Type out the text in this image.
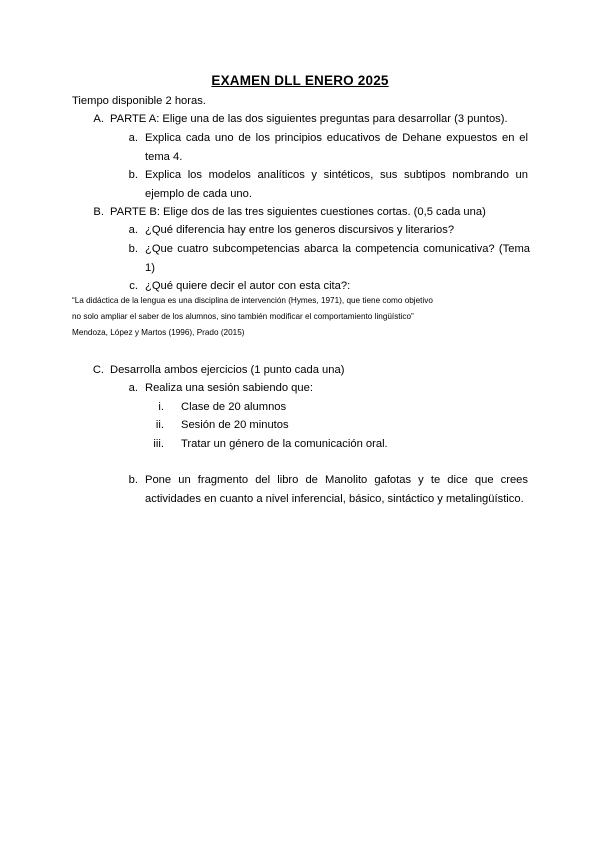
EXAMEN DLL ENERO 2025
Tiempo disponible 2 horas.
A. PARTE A: Elige una de las dos siguientes preguntas para desarrollar (3 puntos).
a. Explica cada uno de los principios educativos de Dehane expuestos en el tema 4.
b. Explica los modelos analíticos y sintéticos, sus subtipos nombrando un ejemplo de cada uno.
B. PARTE B: Elige dos de las tres siguientes cuestiones cortas. (0,5 cada una)
a. ¿Qué diferencia hay entre los generos discursivos y literarios?
b. ¿Que cuatro subcompetencias abarca la competencia comunicativa? (Tema 1)
c. ¿Qué quiere decir el autor con esta cita?:
“La didáctica de la lengua es una disciplina de intervención (Hymes, 1971), que tiene como objetivo
no solo ampliar el saber de los alumnos, sino también modificar el comportamiento lingüístico”
Mendoza, López y Martos (1996), Prado (2015)
C. Desarrolla ambos ejercicios (1 punto cada una)
a. Realiza una sesión sabiendo que:
i. Clase de 20 alumnos
ii. Sesión de 20 minutos
iii. Tratar un género de la comunicación oral.
b. Pone un fragmento del libro de Manolito gafotas y te dice que crees actividades en cuanto a nivel inferencial, básico, sintáctico y metalingüístico.
